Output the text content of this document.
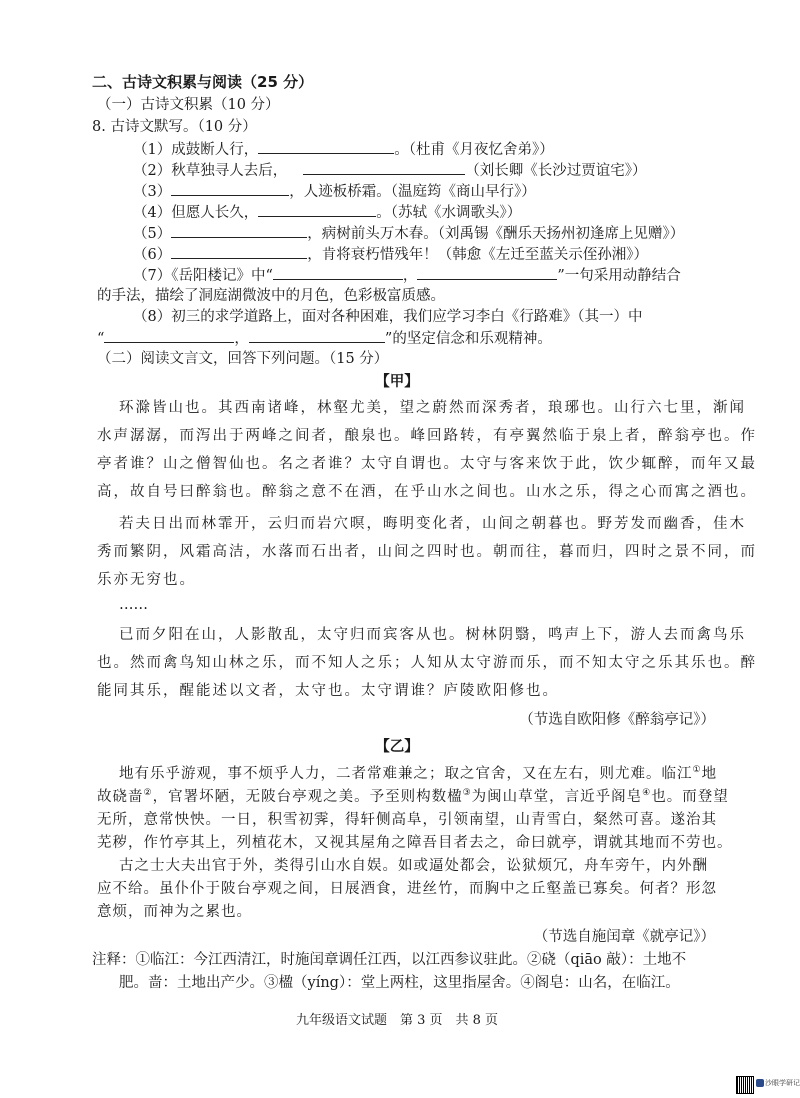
二、古诗文积累与阅读（25 分）
（一）古诗文积累（10 分）
8. 古诗文默写。（10 分）
（1）成鼓断人行，	。（杜甫《月夜忆舍弟》）
（2）秋草独寻人去后，	（刘长卿《长沙过贾谊宅》）
（3）	，人迹板桥霜。（温庭筠《商山早行》）
（4）但愿人长久，	。（苏轼《水调歌头》）
（5）	，病树前头万木春。（刘禹锡《酬乐天扬州初逢席上见赠》）
（6）	，肯将衰朽惜残年！（韩愈《左迁至蓝关示侄孙湘》）
（7）《岳阳楼记》中“	，	”一句采用动静结合
的手法，描绘了洞庭湖微波中的月色，色彩极富质感。
（8）初三的求学道路上，面对各种困难，我们应学习李白《行路难》（其一）中
“	，	”的坚定信念和乐观精神。
（二）阅读文言文，回答下列问题。（15 分）
【甲】
环滁皆山也。其西南诸峰，林壑尤美，望之蔚然而深秀者，琅琊也。山行六七里，渐闻
水声潺潺，而泻出于两峰之间者，酿泉也。峰回路转，有亭翼然临于泉上者，醉翁亭也。作
亭者谁？山之僧智仙也。名之者谁？太守自谓也。太守与客来饮于此，饮少辄醉，而年又最
高，故自号曰醉翁也。醉翁之意不在酒，在乎山水之间也。山水之乐，得之心而寓之酒也。
若夫日出而林霏开，云归而岩穴暝，晦明变化者，山间之朝暮也。野芳发而幽香，佳木
秀而繁阴，风霜高洁，水落而石出者，山间之四时也。朝而往，暮而归，四时之景不同，而
乐亦无穷也。
……
已而夕阳在山，人影散乱，太守归而宾客从也。树林阴翳，鸣声上下，游人去而禽鸟乐
也。然而禽鸟知山林之乐，而不知人之乐；人知从太守游而乐，而不知太守之乐其乐也。醉
能同其乐，醒能述以文者，太守也。太守谓谁？庐陵欧阳修也。
（节选自欧阳修《醉翁亭记》）
【乙】
地有乐乎游观，事不烦乎人力，二者常难兼之；取之官舍，又在左右，则尤难。临江①地
故硗啬②，官署坏陋，无陂台亭观之美。予至则构数楹③为闽山草堂，言近乎阁皂④也。而登望
无所，意常怏怏。一日，积雪初霁，得轩侧高阜，引领南望，山青雪白，粲然可喜。遂治其
芜秽，作竹亭其上，列植花木，又视其屋角之障吾目者去之，命曰就亭，谓就其地而不劳也。
古之士大夫出官于外，类得引山水自娱。如或逼处都会，讼狱烦冗，舟车旁午，内外酬
应不给。虽仆仆于陂台亭观之间，日展酒食，进丝竹，而胸中之丘壑盖已寡矣。何者？形忽
意烦，而神为之累也。
（节选自施闰章《就亭记》）
注释：①临江：今江西清江，时施闰章调任江西，以江西参议驻此。②硗（qiāo 敲）：土地不
肥。啬：土地出产少。③楹（yíng）：堂上两柱，这里指屋舍。④阁皂：山名，在临江。
九年级语文试题　第 3 页　共 8 页
沙眼学研记
